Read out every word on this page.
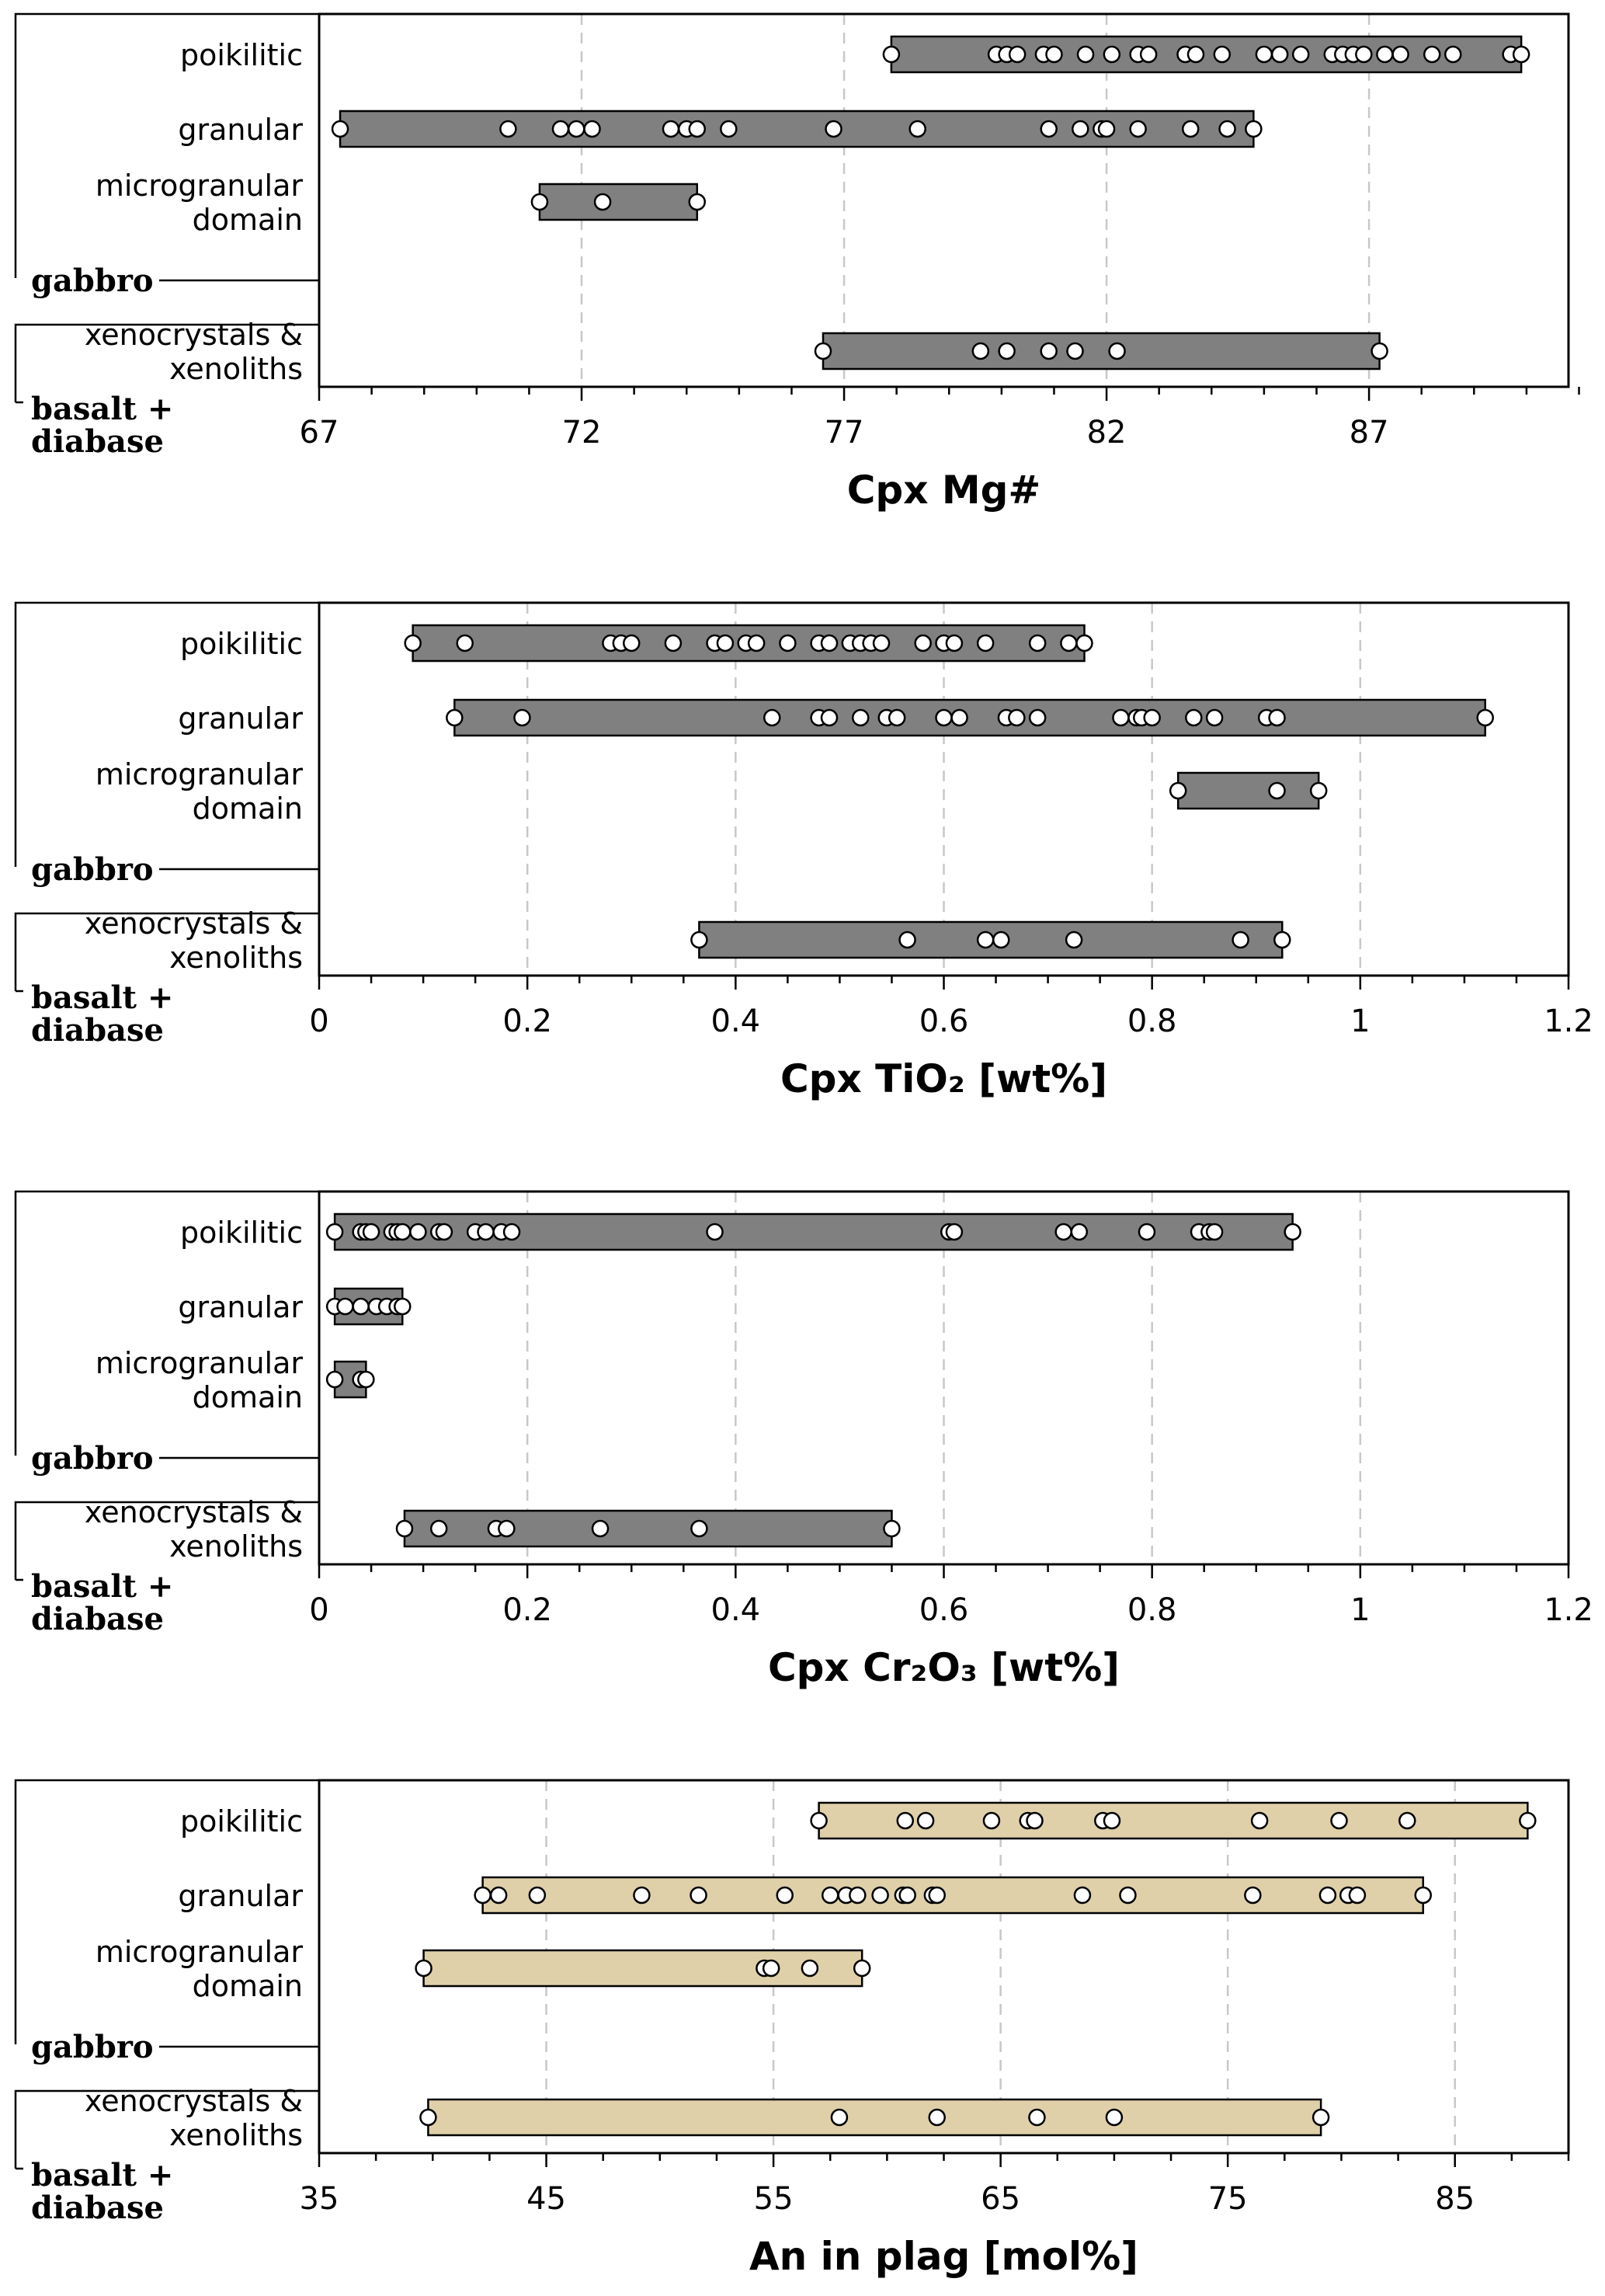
67	72	77	82	87
Cpx Mg#
gabbro
basalt + diabase
poikilitic
granular
microgranular domain
xenocrystals & xenoliths
0	0.2	0.4	0.6	0.8	1	1.2
Cpx TiO₂ [wt%]
gabbro
basalt + diabase
poikilitic
granular
microgranular domain
xenocrystals & xenoliths
0	0.2	0.4	0.6	0.8	1	1.2
Cpx Cr₂O₃ [wt%]
gabbro
basalt + diabase
poikilitic
granular
microgranular domain
xenocrystals & xenoliths
35	45	55	65	75	85
An in plag [mol%]
gabbro
basalt + diabase
poikilitic
granular
microgranular domain
xenocrystals & xenoliths
